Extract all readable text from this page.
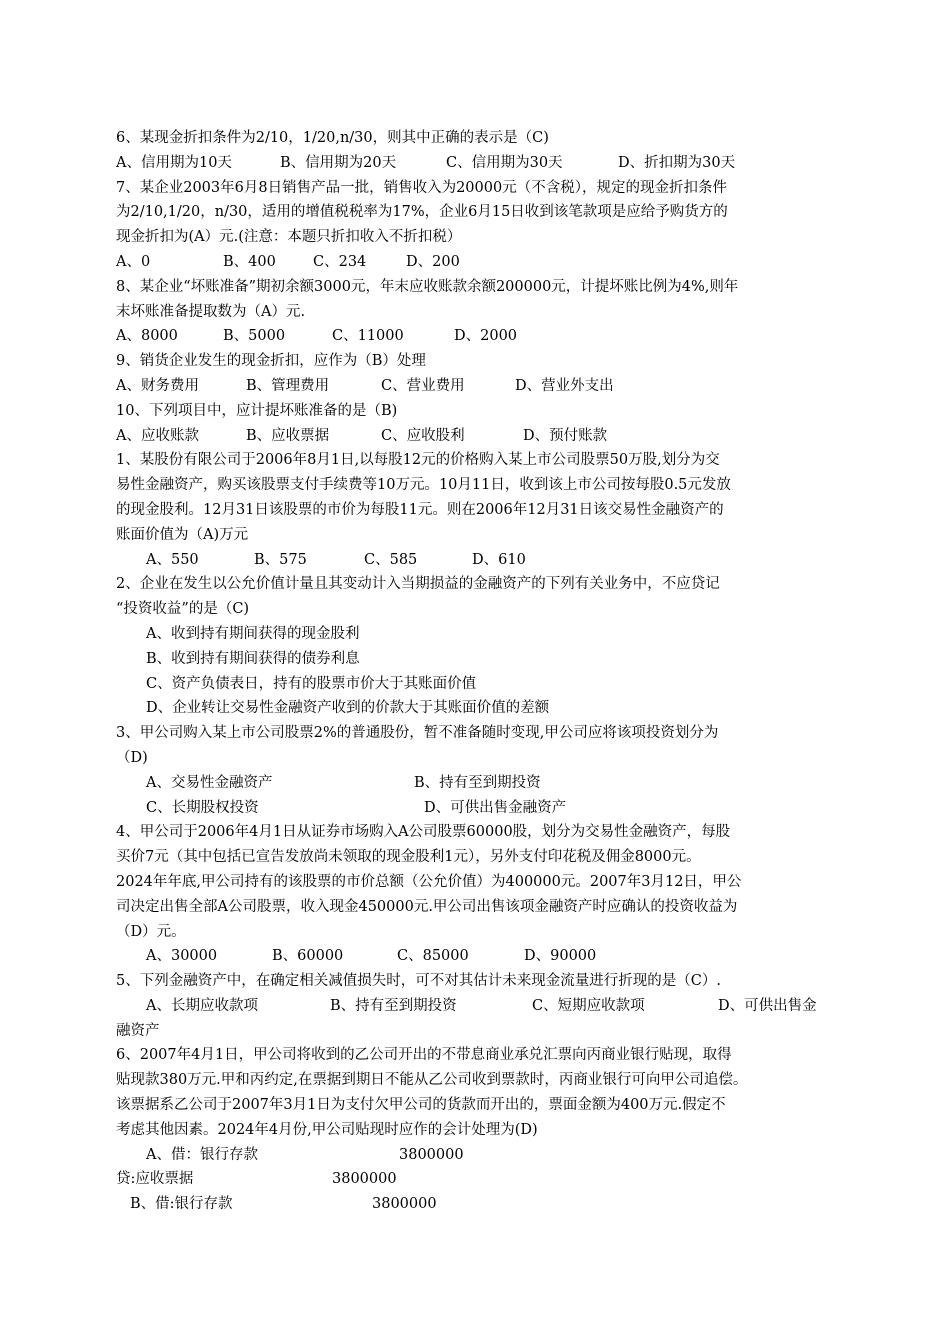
6、某现金折扣条件为2/10，1/20,n/30，则其中正确的表示是（C)
A、信用期为10天	B、信用期为20天	C、信用期为30天	D、折扣期为30天
7、某企业2003年6月8日销售产品一批，销售收入为20000元（不含税），规定的现金折扣条件
为2/10,1/20，n/30，适用的增值税税率为17%，企业6月15日收到该笔款项是应给予购货方的
现金折扣为(A）元.(注意：本题只折扣收入不折扣税）
A、0	B、400	C、234	D、200
8、某企业“坏账准备”期初余额3000元，年末应收账款余额200000元，计提坏账比例为4%,则年
末坏账准备提取数为（A）元.
A、8000	B、5000	C、11000	D、2000
9、销货企业发生的现金折扣，应作为（B）处理
A、财务费用	B、管理费用	C、营业费用	D、营业外支出
10、下列项目中，应计提坏账准备的是（B)
A、应收账款	B、应收票据	C、应收股利	D、预付账款
1、某股份有限公司于2006年8月1日,以每股12元的价格购入某上市公司股票50万股,划分为交
易性金融资产，购买该股票支付手续费等10万元。10月11日，收到该上市公司按每股0.5元发放
的现金股利。12月31日该股票的市价为每股11元。则在2006年12月31日该交易性金融资产的
账面价值为（A)万元
A、550	B、575	C、585	D、610
2、企业在发生以公允价值计量且其变动计入当期损益的金融资产的下列有关业务中，不应贷记
“投资收益”的是（C)
A、收到持有期间获得的现金股利
B、收到持有期间获得的债券利息
C、资产负债表日，持有的股票市价大于其账面价值
D、企业转让交易性金融资产收到的价款大于其账面价值的差额
3、甲公司购入某上市公司股票2%的普通股份，暂不准备随时变现,甲公司应将该项投资划分为
（D)
A、交易性金融资产	B、持有至到期投资
C、长期股权投资	D、可供出售金融资产
4、甲公司于2006年4月1日从证券市场购入A公司股票60000股，划分为交易性金融资产，每股
买价7元（其中包括已宣告发放尚未领取的现金股利1元），另外支付印花税及佣金8000元。
2024年年底,甲公司持有的该股票的市价总额（公允价值）为400000元。2007年3月12日，甲公
司决定出售全部A公司股票，收入现金450000元.甲公司出售该项金融资产时应确认的投资收益为
（D）元。
A、30000	B、60000	C、85000	D、90000
5、下列金融资产中，在确定相关减值损失时，可不对其估计未来现金流量进行折现的是（C）.
A、长期应收款项	B、持有至到期投资	C、短期应收款项	D、可供出售金
融资产
6、2007年4月1日，甲公司将收到的乙公司开出的不带息商业承兑汇票向丙商业银行贴现，取得
贴现款380万元.甲和丙约定,在票据到期日不能从乙公司收到票款时，丙商业银行可向甲公司追偿。
该票据系乙公司于2007年3月1日为支付欠甲公司的货款而开出的，票面金额为400万元.假定不
考虑其他因素。2024年4月份,甲公司贴现时应作的会计处理为(D)
A、借：银行存款	3800000
贷:应收票据	3800000
B、借:银行存款	3800000
